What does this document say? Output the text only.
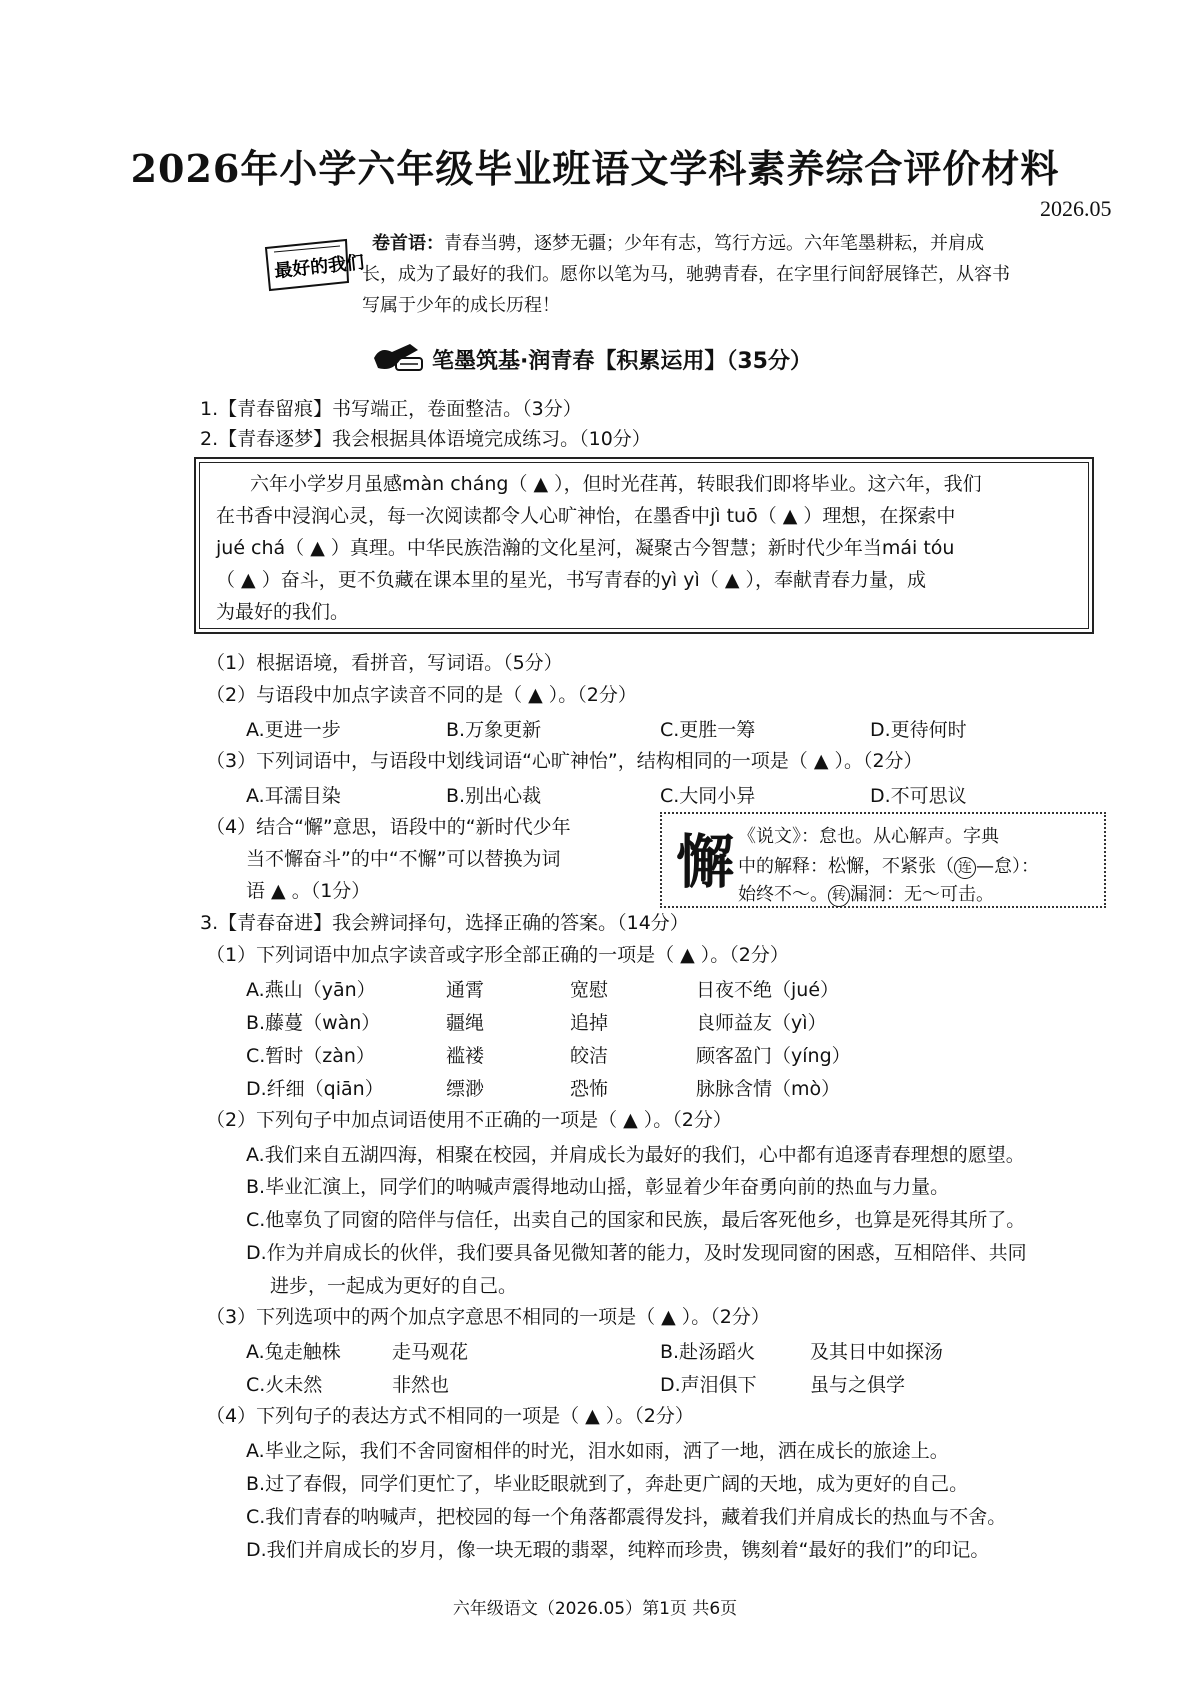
2026年小学六年级毕业班语文学科素养综合评价材料
2026.05
最好的我们
卷首语：青春当骋，逐梦无疆；少年有志，笃行方远。六年笔墨耕耘，并肩成
长，成为了最好的我们。愿你以笔为马，驰骋青春，在字里行间舒展锋芒，从容书
写属于少年的成长历程！
笔墨筑基·润青春【积累运用】（35分）
1.【青春留痕】书写端正，卷面整洁。（3分）
2.【青春逐梦】我会根据具体语境完成练习。（10分）
六年小学岁月虽感màn cháng（ ▲ ），但时光荏苒，转眼我们即将毕业。这六年，我们
在书香中浸润心灵，每一次阅读都令人心旷神怡，在墨香中jì tuō（ ▲ ）理想，在探索中
jué chá（ ▲ ）真理。中华民族浩瀚的文化星河，凝聚古今智慧；新时代少年当mái tóu
（ ▲ ）奋斗，更不负藏在课本里的星光，书写青春的yì yì（ ▲ ），奉献青春力量，成
为最好的我们。
（1）根据语境，看拼音，写词语。（5分）
（2）与语段中加点字读音不同的是（ ▲ ）。（2分）
A.更进一步	B.万象更新	C.更胜一筹	D.更待何时
（3）下列词语中，与语段中划线词语“心旷神怡”，结构相同的一项是（ ▲ ）。（2分）
A.耳濡目染	B.别出心裁	C.大同小异	D.不可思议
（4）结合“懈”意思，语段中的“新时代少年
当不懈奋斗”的中“不懈”可以替换为词
语 ▲ 。（1分）	懈 《说文》：怠也。从心解声。字典
中的解释：松懈，不紧张（ 连 —怠）：
始终不～。 转 漏洞：无～可击。
3.【青春奋进】我会辨词择句，选择正确的答案。（14分）
（1）下列词语中加点字读音或字形全部正确的一项是（ ▲ ）。（2分）
A.燕山（yān）	通霄	宽慰	日夜不绝（jué）
B.藤蔓（wàn）	疆绳	追掉	良师益友（yì）
C.暂时（zàn）	褴褛	皎洁	顾客盈门（yíng）
D.纤细（qiān）	缥渺	恐怖	脉脉含情（mò）
（2）下列句子中加点词语使用不正确的一项是（ ▲ ）。（2分）
A.我们来自五湖四海，相聚在校园，并肩成长为最好的我们，心中都有追逐青春理想的愿望。
B.毕业汇演上，同学们的呐喊声震得地动山摇，彰显着少年奋勇向前的热血与力量。
C.他辜负了同窗的陪伴与信任，出卖自己的国家和民族，最后客死他乡，也算是死得其所了。
D.作为并肩成长的伙伴，我们要具备见微知著的能力，及时发现同窗的困惑，互相陪伴、共同
进步，一起成为更好的自己。
（3）下列选项中的两个加点字意思不相同的一项是（ ▲ ）。（2分）
A.兔走触株	走马观花	B.赴汤蹈火	及其日中如探汤
C.火未然	非然也	D.声泪俱下	虽与之俱学
（4）下列句子的表达方式不相同的一项是（ ▲ ）。（2分）
A.毕业之际，我们不舍同窗相伴的时光，泪水如雨，洒了一地，洒在成长的旅途上。
B.过了春假，同学们更忙了，毕业眨眼就到了，奔赴更广阔的天地，成为更好的自己。
C.我们青春的呐喊声，把校园的每一个角落都震得发抖，藏着我们并肩成长的热血与不舍。
D.我们并肩成长的岁月，像一块无瑕的翡翠，纯粹而珍贵，镌刻着“最好的我们”的印记。
六年级语文（2026.05）第1页 共6页
